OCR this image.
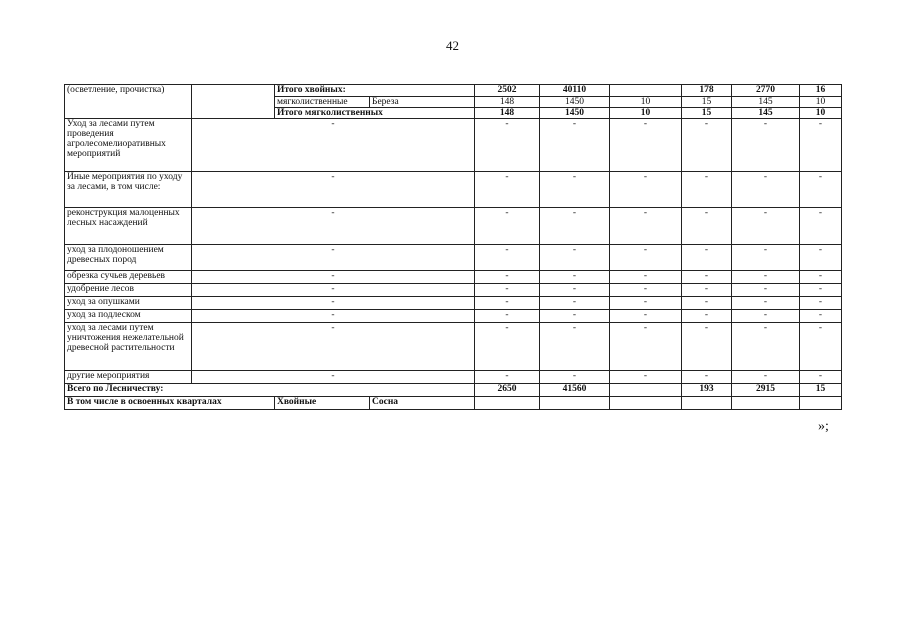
42
(осветление, прочистка)		Итого хвойных:		2502	40110		178	2770	16
		мягколиственные	Береза	148	1450	10	15	145	10
		Итого мягколиственных		148	1450	10	15	145	10
Уход за лесами путем проведения агролесомелиоративных мероприятий	-			-	-	-	-	-	-
Иные мероприятия по уходу за лесами, в том числе:	-			-	-	-	-	-	-
реконструкция малоценных лесных насаждений	-			-	-	-	-	-	-
уход за плодоношением древесных пород	-			-	-	-	-	-	-
обрезка сучьев деревьев	-			-	-	-	-	-	-
удобрение лесов	-			-	-	-	-	-	-
уход за опушками	-			-	-	-	-	-	-
уход за подлеском	-			-	-	-	-	-	-
уход за лесами путем уничтожения нежелательной древесной растительности	-			-	-	-	-	-	-
другие мероприятия	-			-	-	-	-	-	-
Всего по Лесничеству:				2650	41560		193	2915	15
В том числе в освоенных кварталах		Хвойные	Сосна						
»;
